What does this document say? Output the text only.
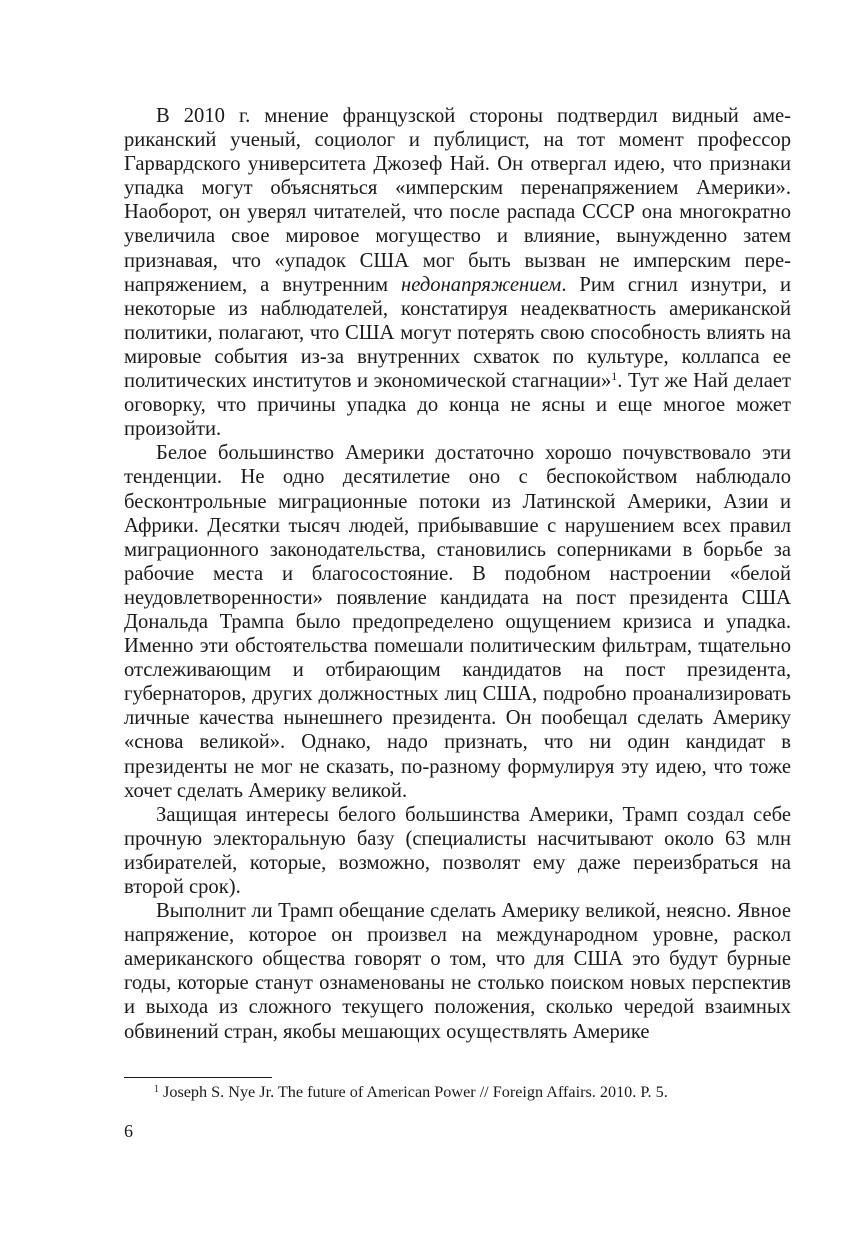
В 2010 г. мнение французской стороны подтвердил видный американский ученый, социолог и публицист, на тот момент профессор Гарвардского университета Джозеф Най. Он отвергал идею, что признаки упадка могут объясняться «имперским перенапряжением Америки». Наоборот, он уверял читателей, что после распада СССР она многократно увеличила свое мировое могущество и влияние, вынужденно затем признавая, что «упадок США мог быть вызван не имперским перенапряжением, а внутренним недонапряжением. Рим сгнил изнутри, и некоторые из наблюдателей, констатируя неадекватность американской политики, полагают, что США могут потерять свою способность влиять на мировые события из-за внутренних схваток по культуре, коллапса ее политических институтов и экономической стагнации»$^1$. Тут же Най делает оговорку, что причины упадка до конца не ясны и еще многое может произойти.

Белое большинство Америки достаточно хорошо почувствовало эти тенденции. Не одно десятилетие оно с беспокойством наблюдало бесконтрольные миграционные потоки из Латинской Америки, Азии и Африки. Десятки тысяч людей, прибывавшие с нарушением всех правил миграционного законодательства, становились соперниками в борьбе за рабочие места и благосостояние. В подобном настроении «белой неудовлетворенности» появление кандидата на пост президента США Дональда Трампа было предопределено ощущением кризиса и упадка. Именно эти обстоятельства помешали политическим фильтрам, тщательно отслеживающим и отбирающим кандидатов на пост президента, губернаторов, других должностных лиц США, подробно проанализировать личные качества нынешнего президента. Он пообещал сделать Америку «снова великой». Однако, надо признать, что ни один кандидат в президенты не мог не сказать, по-разному формулируя эту идею, что тоже хочет сделать Америку великой.

Защищая интересы белого большинства Америки, Трамп создал себе прочную электоральную базу (специалисты насчитывают около 63 млн избирателей, которые, возможно, позволят ему даже переизбраться на второй срок).

Выполнит ли Трамп обещание сделать Америку великой, неясно. Явное напряжение, которое он произвел на международном уровне, раскол американского общества говорят о том, что для США это будут бурные годы, которые станут ознаменованы не столько поиском новых перспектив и выхода из сложного текущего положения, сколько чередой взаимных обвинений стран, якобы мешающих осуществлять Америке

$^1$ Joseph S. Nye Jr. The future of American Power // Foreign Affairs. 2010. P. 5.

6
